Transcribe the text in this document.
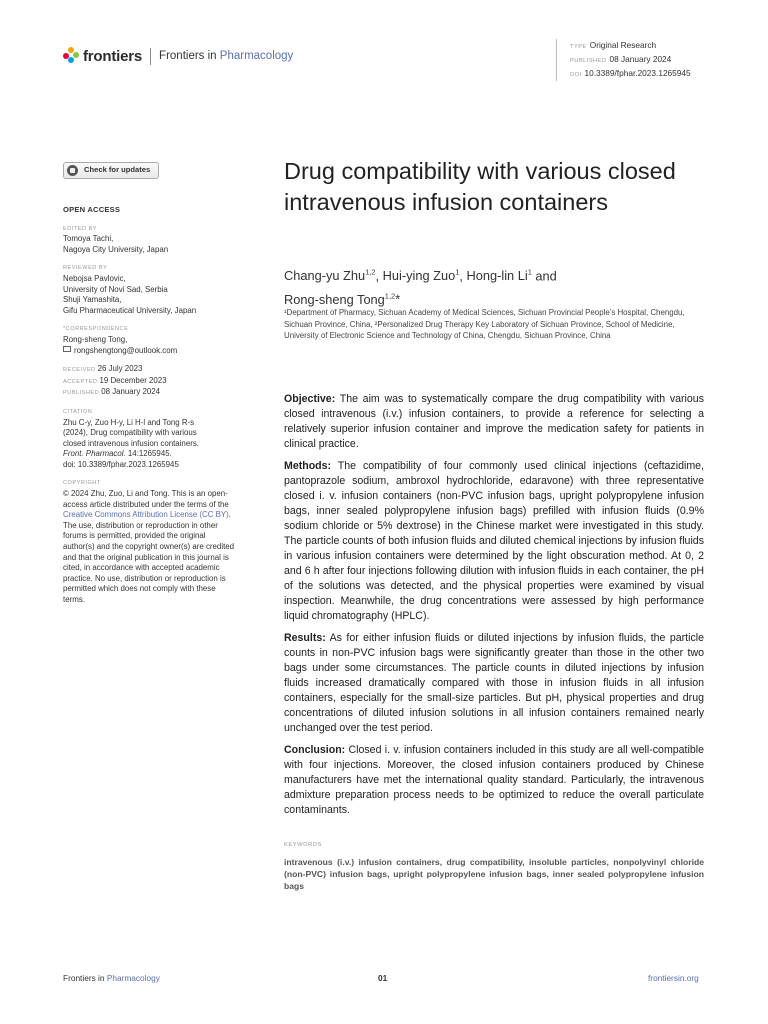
frontiers Frontiers in Pharmacology
TYPE Original Research
PUBLISHED 08 January 2024
DOI 10.3389/fphar.2023.1265945
Check for updates
OPEN ACCESS
EDITED BY
Tomoya Tachi,
Nagoya City University, Japan
REVIEWED BY
Nebojsa Pavlovic,
University of Novi Sad, Serbia
Shuji Yamashita,
Gifu Pharmaceutical University, Japan
*CORRESPONDENCE
Rong-sheng Tong,
rongshengtong@outlook.com
RECEIVED 26 July 2023
ACCEPTED 19 December 2023
PUBLISHED 08 January 2024
CITATION
Zhu C-y, Zuo H-y, Li H-l and Tong R-s
(2024), Drug compatibility with various
closed intravenous infusion containers.
Front. Pharmacol. 14:1265945.
doi: 10.3389/fphar.2023.1265945
COPYRIGHT
© 2024 Zhu, Zuo, Li and Tong. This is an open-access article distributed under the terms of the Creative Commons Attribution License (CC BY). The use, distribution or reproduction in other forums is permitted, provided the original author(s) and the copyright owner(s) are credited and that the original publication in this journal is cited, in accordance with accepted academic practice. No use, distribution or reproduction is permitted which does not comply with these terms.
Drug compatibility with various closed intravenous infusion containers
Chang-yu Zhu$^{1,2}$, Hui-ying Zuo$^1$, Hong-lin Li$^1$ and
Rong-sheng Tong$^{1,2}$*
¹Department of Pharmacy, Sichuan Academy of Medical Sciences, Sichuan Provincial People’s Hospital, Chengdu, Sichuan Province, China, ²Personalized Drug Therapy Key Laboratory of Sichuan Province, School of Medicine, University of Electronic Science and Technology of China, Chengdu, Sichuan Province, China

Objective: The aim was to systematically compare the drug compatibility with various closed intravenous (i.v.) infusion containers, to provide a reference for selecting a relatively superior infusion container and improve the medication safety for patients in clinical practice.

Methods: The compatibility of four commonly used clinical injections (ceftazidime, pantoprazole sodium, ambroxol hydrochloride, edaravone) with three representative closed i. v. infusion containers (non-PVC infusion bags, upright polypropylene infusion bags, inner sealed polypropylene infusion bags) prefilled with infusion fluids (0.9% sodium chloride or 5% dextrose) in the Chinese market were investigated in this study. The particle counts of both infusion fluids and diluted chemical injections by infusion fluids in various infusion containers were determined by the light obscuration method. At 0, 2 and 6 h after four injections following dilution with infusion fluids in each container, the pH of the solutions was detected, and the physical properties were examined by visual inspection. Meanwhile, the drug concentrations were assessed by high performance liquid chromatography (HPLC).

Results: As for either infusion fluids or diluted injections by infusion fluids, the particle counts in non-PVC infusion bags were significantly greater than those in the other two bags under some circumstances. The particle counts in diluted injections by infusion fluids increased dramatically compared with those in infusion fluids in all infusion containers, especially for the small-size particles. But pH, physical properties and drug concentrations of diluted infusion solutions in all infusion containers remained nearly unchanged over the test period.

Conclusion: Closed i. v. infusion containers included in this study are all well-compatible with four injections. Moreover, the closed infusion containers produced by Chinese manufacturers have met the international quality standard. Particularly, the intravenous admixture preparation process needs to be optimized to reduce the overall particulate contaminants.

KEYWORDS
intravenous (i.v.) infusion containers, drug compatibility, insoluble particles, nonpolyvinyl chloride (non-PVC) infusion bags, upright polypropylene infusion bags, inner sealed polypropylene infusion bags
Frontiers in Pharmacology	01	frontiersin.org
